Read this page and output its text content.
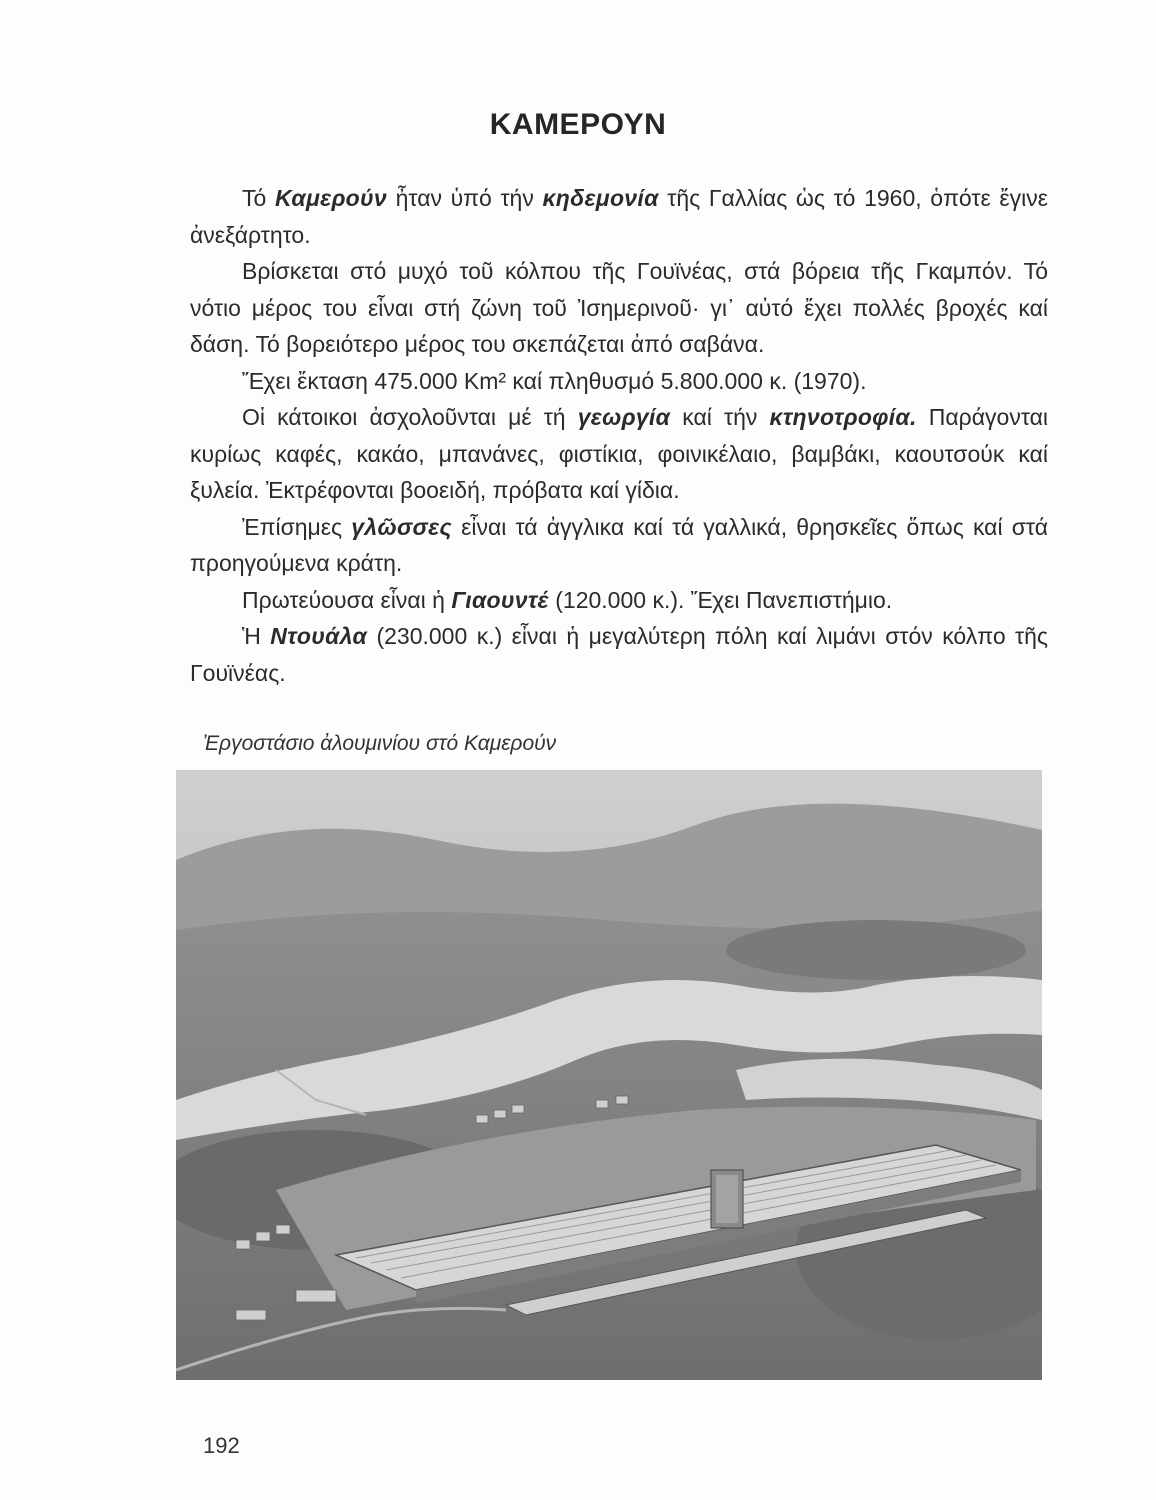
ΚΑΜΕΡΟΥΝ

Τό Καμερούν ἦταν ὑπό τήν κηδεμονία τῆς Γαλλίας ὡς τό 1960, ὁπότε ἔγινε ἀνεξάρτητο.

Βρίσκεται στό μυχό τοῦ κόλπου τῆς Γουϊνέας, στά βόρεια τῆς Γκαμπόν. Τό νότιο μέρος του εἶναι στή ζώνη τοῦ Ἰσημερινοῦ· γι᾿ αὐτό ἔχει πολλές βροχές καί δάση. Τό βορειότερο μέρος του σκεπάζεται ἀπό σαβάνα.

Ἔχει ἔκταση 475.000 Km² καί πληθυσμό 5.800.000 κ. (1970).

Οἱ κάτοικοι ἀσχολοῦνται μέ τή γεωργία καί τήν κτηνοτροφία. Παράγονται κυρίως καφές, κακάο, μπανάνες, φιστίκια, φοινικέλαιο, βαμβάκι, καουτσούκ καί ξυλεία. Ἐκτρέφονται βοοειδή, πρόβατα καί γίδια.

Ἐπίσημες γλῶσσες εἶναι τά ἀγγλικα καί τά γαλλικά, θρησκεῖες ὅπως καί στά προηγούμενα κράτη.

Πρωτεύουσα εἶναι ἡ Γιαουντέ (120.000 κ.). Ἔχει Πανεπιστήμιο.

Ἡ Ντουάλα (230.000 κ.) εἶναι ἡ μεγαλύτερη πόλη καί λιμάνι στόν κόλπο τῆς Γουϊνέας.

Ἐργοστάσιο ἀλουμινίου στό Καμερούν
192
